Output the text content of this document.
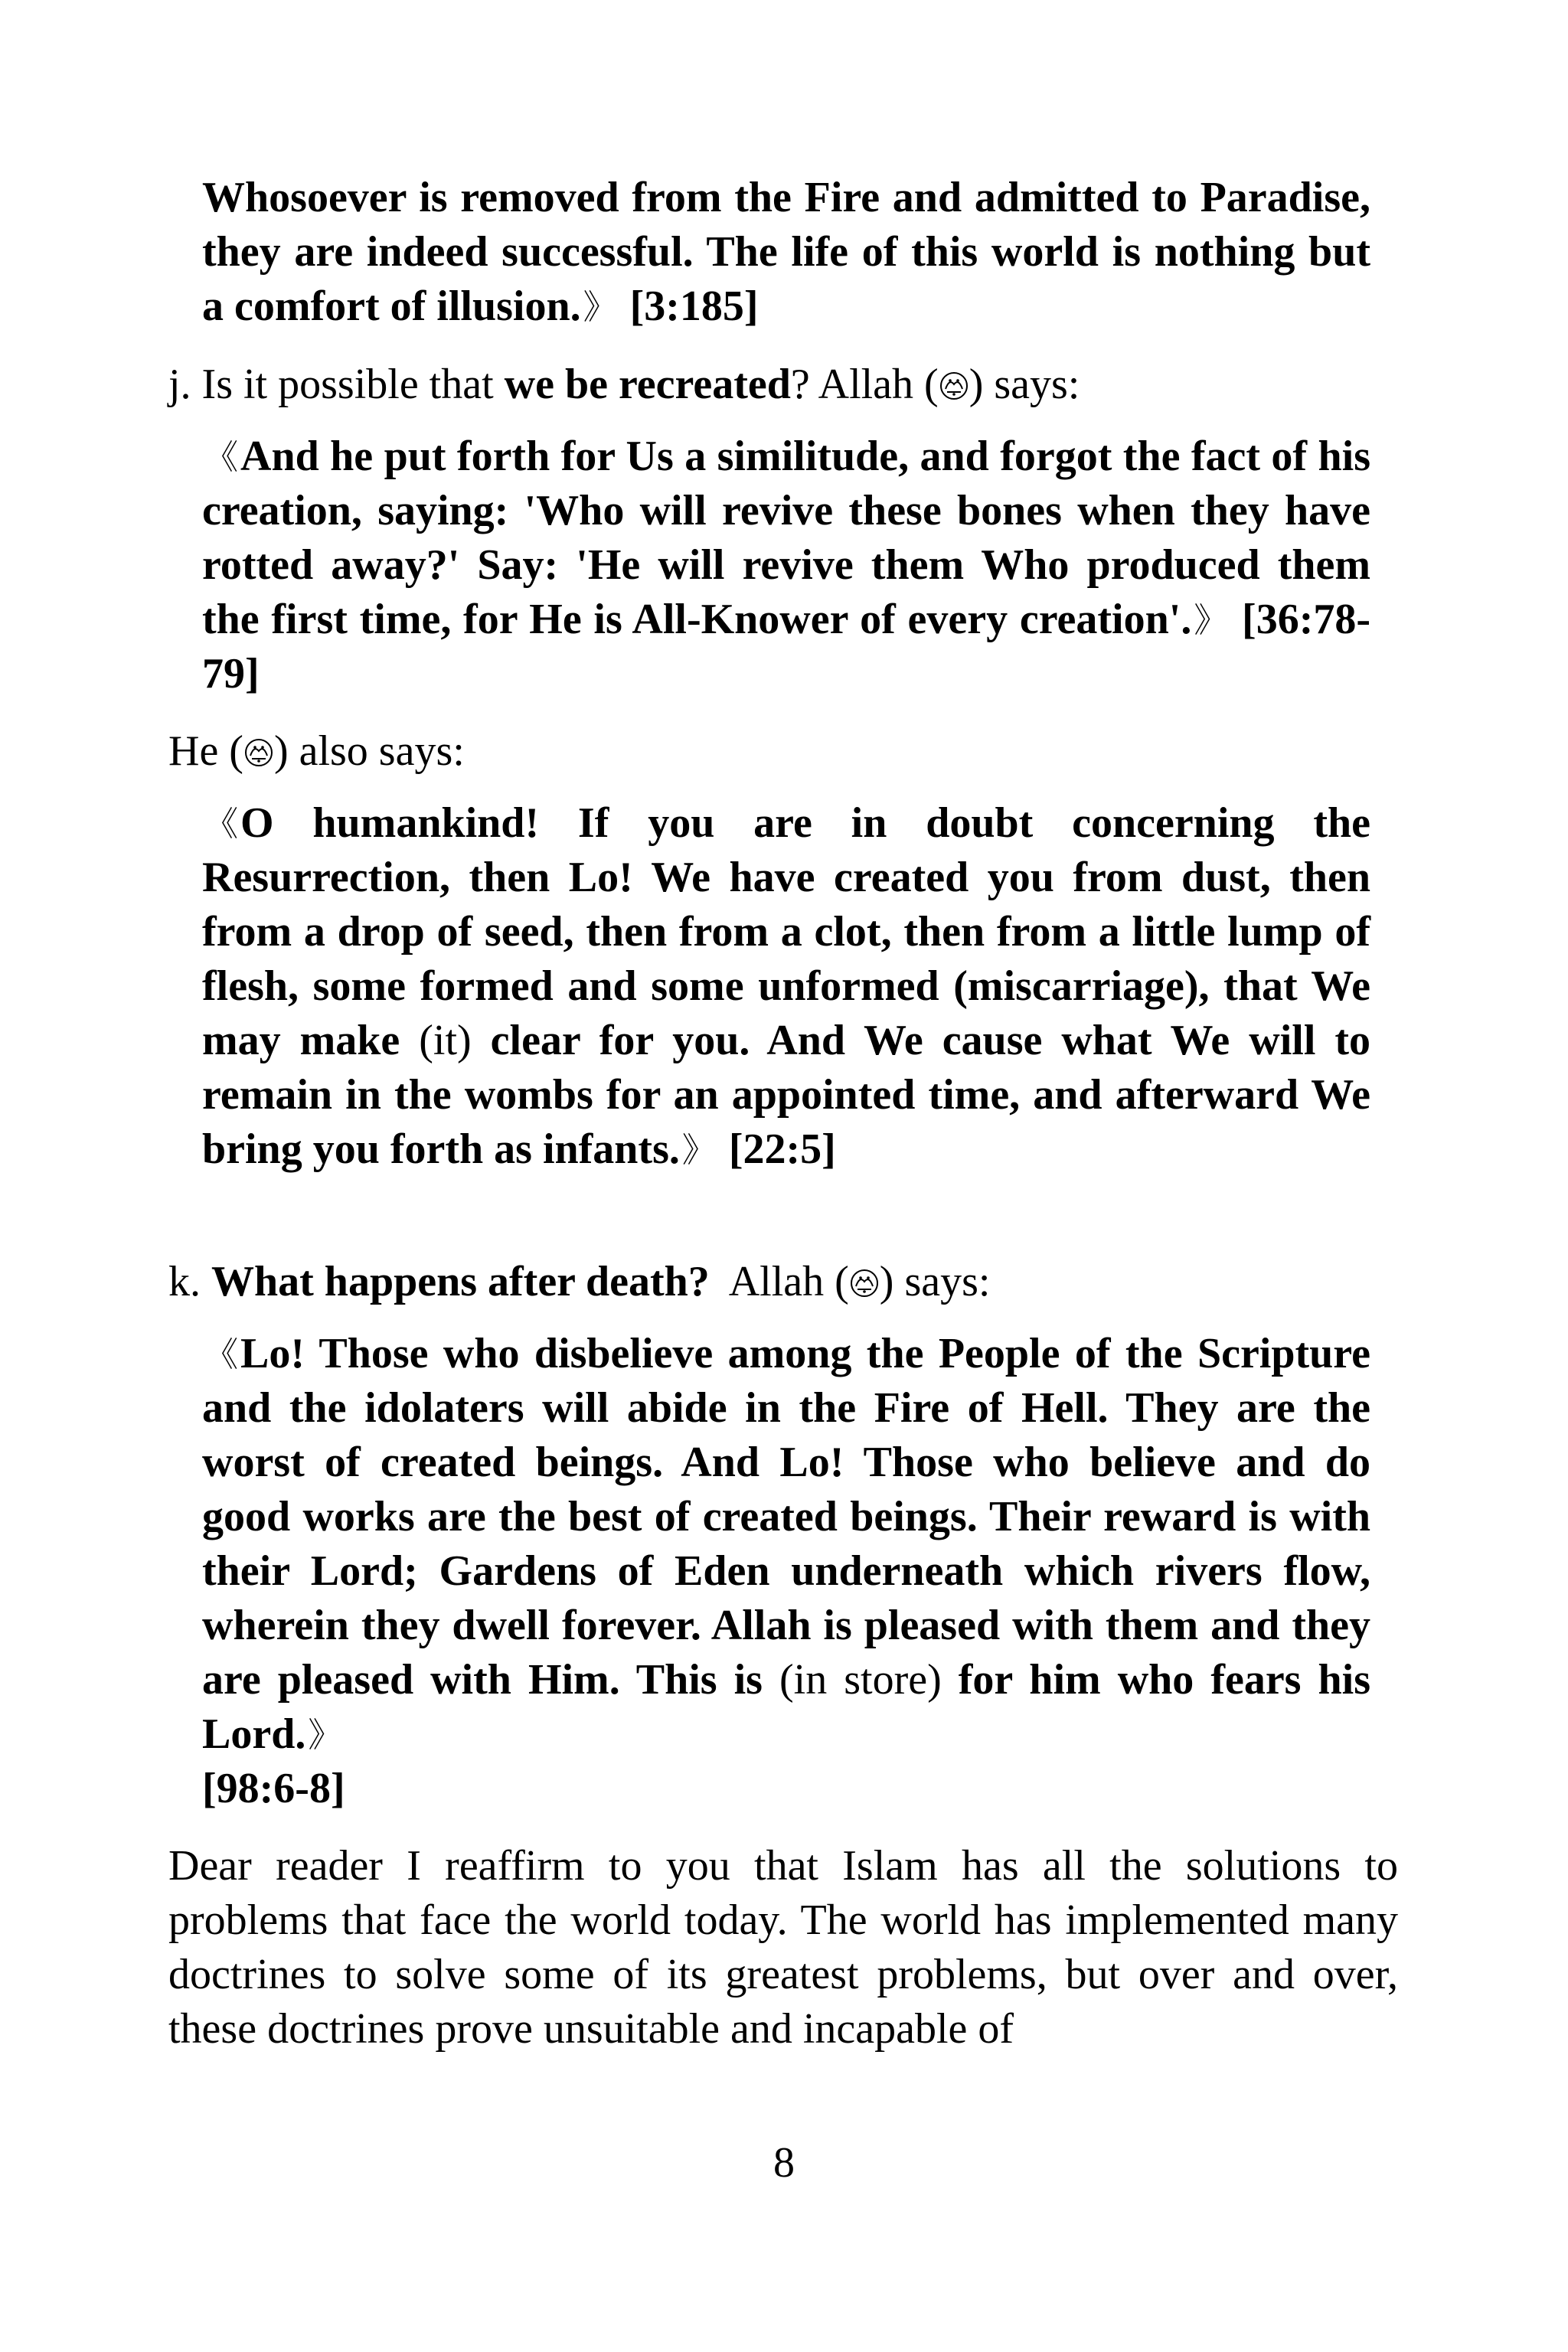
Whosoever is removed from the Fire and admitted to Paradise, they are indeed successful. The life of this world is nothing but a comfort of illusion.》 [3:185]
j. Is it possible that we be recreated? Allah ( ) says:
《And he put forth for Us a similitude, and forgot the fact of his creation, saying: 'Who will revive these bones when they have rotted away?' Say: 'He will revive them Who produced them the first time, for He is All-Knower of every creation'.》 [36:78-79]
He ( ) also says:
《O humankind! If you are in doubt concerning the Resurrection, then Lo! We have created you from dust, then from a drop of seed, then from a clot, then from a little lump of flesh, some formed and some unformed (miscarriage), that We may make (it) clear for you. And We cause what We will to remain in the wombs for an appointed time, and afterward We bring you forth as infants.》 [22:5]
k. What happens after death?  Allah ( ) says:
《Lo! Those who disbelieve among the People of the Scripture and the idolaters will abide in the Fire of Hell. They are the worst of created beings. And Lo! Those who believe and do good works are the best of created beings. Their reward is with their Lord; Gardens of Eden underneath which rivers flow, wherein they dwell forever. Allah is pleased with them and they are pleased with Him. This is (in store) for him who fears his Lord.》
[98:6-8]
Dear reader I reaffirm to you that Islam has all the solutions to problems that face the world today. The world has implemented many doctrines to solve some of its greatest problems, but over and over, these doctrines prove unsuitable and incapable of
8
